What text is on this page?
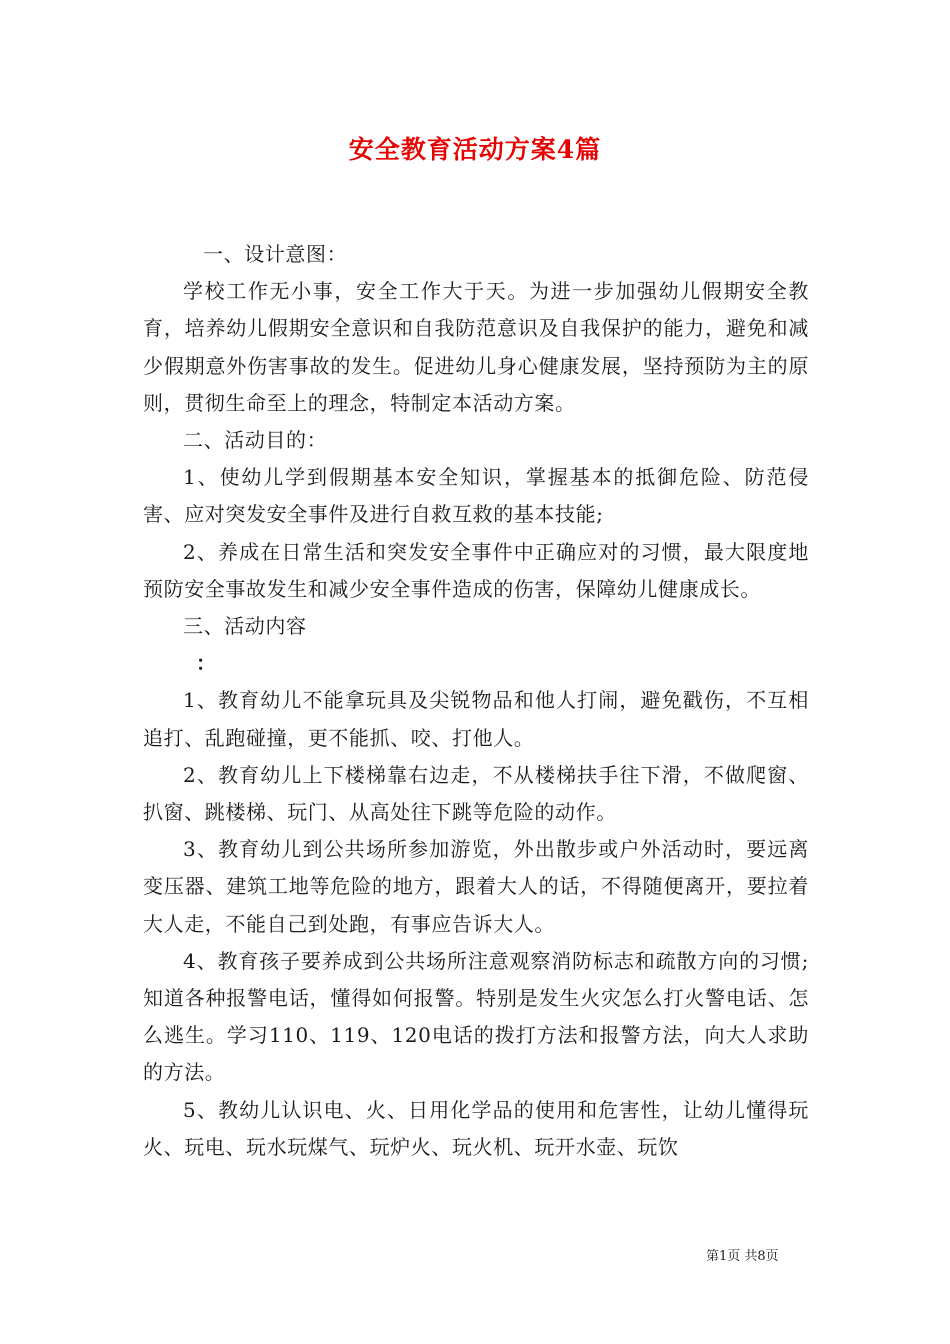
安全教育活动方案4篇

一、设计意图：

学校工作无小事，安全工作大于天。为进一步加强幼儿假期安全教育，培养幼儿假期安全意识和自我防范意识及自我保护的能力，避免和减少假期意外伤害事故的发生。促进幼儿身心健康发展，坚持预防为主的原则，贯彻生命至上的理念，特制定本活动方案。

二、活动目的：

1、使幼儿学到假期基本安全知识，掌握基本的抵御危险、防范侵害、应对突发安全事件及进行自救互救的基本技能;

2、养成在日常生活和突发安全事件中正确应对的习惯，最大限度地预防安全事故发生和减少安全事件造成的伤害，保障幼儿健康成长。

三、活动内容

：

1、教育幼儿不能拿玩具及尖锐物品和他人打闹，避免戳伤，不互相追打、乱跑碰撞，更不能抓、咬、打他人。

2、教育幼儿上下楼梯靠右边走，不从楼梯扶手往下滑，不做爬窗、扒窗、跳楼梯、玩门、从高处往下跳等危险的动作。

3、教育幼儿到公共场所参加游览，外出散步或户外活动时，要远离变压器、建筑工地等危险的地方，跟着大人的话，不得随便离开，要拉着大人走，不能自己到处跑，有事应告诉大人。

4、教育孩子要养成到公共场所注意观察消防标志和疏散方向的习惯;知道各种报警电话，懂得如何报警。特别是发生火灾怎么打火警电话、怎么逃生。学习110、119、120电话的拨打方法和报警方法，向大人求助的方法。

5、教幼儿认识电、火、日用化学品的使用和危害性，让幼儿懂得玩火、玩电、玩水玩煤气、玩炉火、玩火机、玩开水壶、玩饮

第1页 共8页
